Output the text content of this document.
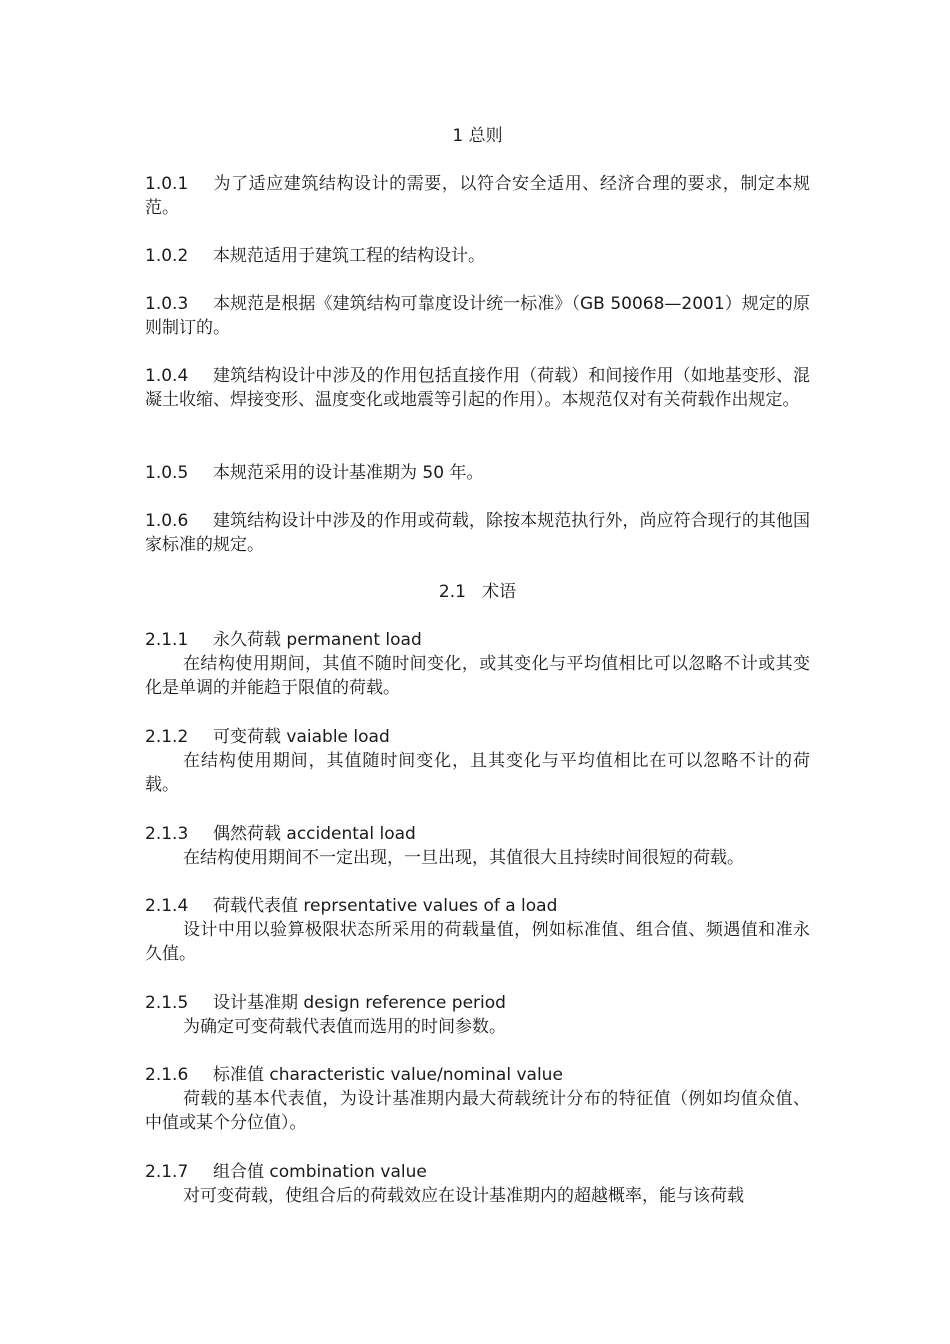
1 总则
1.0.1 为了适应建筑结构设计的需要，以符合安全适用、经济合理的要求，制定本规范。
1.0.2 本规范适用于建筑工程的结构设计。
1.0.3 本规范是根据《建筑结构可靠度设计统一标准》（GB 50068—2001）规定的原则制订的。
1.0.4 建筑结构设计中涉及的作用包括直接作用（荷载）和间接作用（如地基变形、混凝土收缩、焊接变形、温度变化或地震等引起的作用）。本规范仅对有关荷载作出规定。
1.0.5 本规范采用的设计基准期为 50 年。
1.0.6 建筑结构设计中涉及的作用或荷载，除按本规范执行外，尚应符合现行的其他国家标准的规定。
2.1   术语
2.1.1 永久荷载 permanent load
在结构使用期间，其值不随时间变化，或其变化与平均值相比可以忽略不计或其变化是单调的并能趋于限值的荷载。
2.1.2 可变荷载 vaiable load
在结构使用期间，其值随时间变化，且其变化与平均值相比在可以忽略不计的荷载。
2.1.3 偶然荷载 accidental load
在结构使用期间不一定出现，一旦出现，其值很大且持续时间很短的荷载。
2.1.4 荷载代表值 reprsentative values of a load
设计中用以验算极限状态所采用的荷载量值，例如标准值、组合值、频遇值和准永久值。
2.1.5 设计基准期 design reference period
为确定可变荷载代表值而选用的时间参数。
2.1.6 标准值 characteristic value/nominal value
荷载的基本代表值，为设计基准期内最大荷载统计分布的特征值（例如均值众值、中值或某个分位值）。
2.1.7 组合值 combination value
对可变荷载，使组合后的荷载效应在设计基准期内的超越概率，能与该荷载
